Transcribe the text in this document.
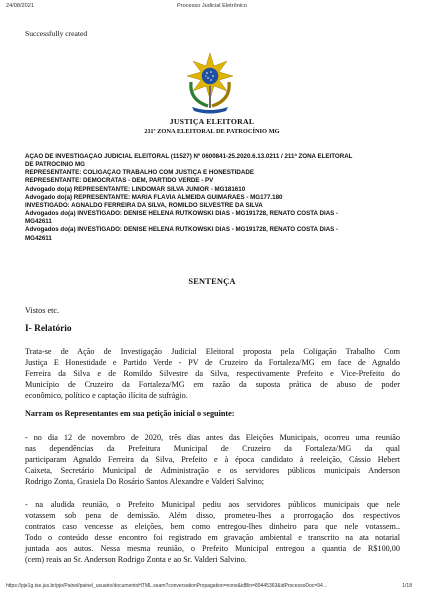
24/08/2021	Processo Judicial Eletrônico
Successfully created
JUSTIÇA ELEITORAL
211ª ZONA ELEITORAL DE PATROCÍNIO MG
AÇÃO DE INVESTIGAÇÃO JUDICIAL ELEITORAL (11527) Nº 0600841-25.2020.6.13.0211 / 211ª ZONA ELEITORAL
DE PATROCÍNIO MG
REPRESENTANTE: COLIGAÇÃO TRABALHO COM JUSTIÇA E HONESTIDADE
REPRESENTANTE: DEMOCRATAS - DEM, PARTIDO VERDE - PV
Advogado do(a) REPRESENTANTE: LINDOMAR SILVA JUNIOR - MG181610
Advogado do(a) REPRESENTANTE: MARIA FLÁVIA ALMEIDA GUIMARÃES - MG177.180
INVESTIGADO: AGNALDO FERREIRA DA SILVA, ROMILDO SILVESTRE DA SILVA
Advogados do(a) INVESTIGADO: DENISE HELENA RUTKOWSKI DIAS - MG191728, RENATO COSTA DIAS -
MG42611
Advogados do(a) INVESTIGADO: DENISE HELENA RUTKOWSKI DIAS - MG191728, RENATO COSTA DIAS -
MG42611
SENTENÇA
Vistos etc.
I- Relatório
Trata-se de Ação de Investigação Judicial Eleitoral proposta pela Coligação Trabalho Com
Justiça E Honestidade e Partido Verde - PV de Cruzeiro da Fortaleza/MG em face de Agnaldo
Ferreira da Silva e de Romildo Silvestre da Silva, respectivamente Prefeito e Vice-Prefeito do
Município de Cruzeiro da Fortaleza/MG em razão da suposta prática de abuso de poder
econômico, político e captação ilícita de sufrágio.
Narram os Representantes em sua petição inicial o seguinte:
- no dia 12 de novembro de 2020, três dias antes das Eleições Municipais, ocorreu uma reunião
nas dependências da Prefeitura Municipal de Cruzeiro da Fortaleza/MG da qual
participaram Agnaldo Ferreira da Silva, Prefeito e à época candidato à reeleição, Cássio Hebert
Caixeta, Secretário Municipal de Administração e os servidores públicos municipais Anderson
Rodrigo Zonta, Grasiela Do Rosário Santos Alexandre e Valderi Salvino;
- na aludida reunião, o Prefeito Municipal pediu aos servidores públicos municipais que nele
votassem sob pena de demissão. Além disso, prometeu-lhes a prorrogação dos respectivos
contratos caso vencesse as eleições, bem como entregou-lhes dinheiro para que nele votassem..
Todo o conteúdo desse encontro foi registrado em gravação ambiental e transcrito na ata notarial
juntada aos autos. Nessa mesma reunião, o Prefeito Municipal entregou a quantia de R$100,00
(cem) reais ao Sr. Anderson Rodrigo Zonta e ao Sr. Valderi Salvino.
https://pje1g.tse.jus.br/pje/Painel/painel_usuario/documentoHTML.seam?conversationPropagation=none&idBin=89445363&idProcessoDoc=94…	1/18
